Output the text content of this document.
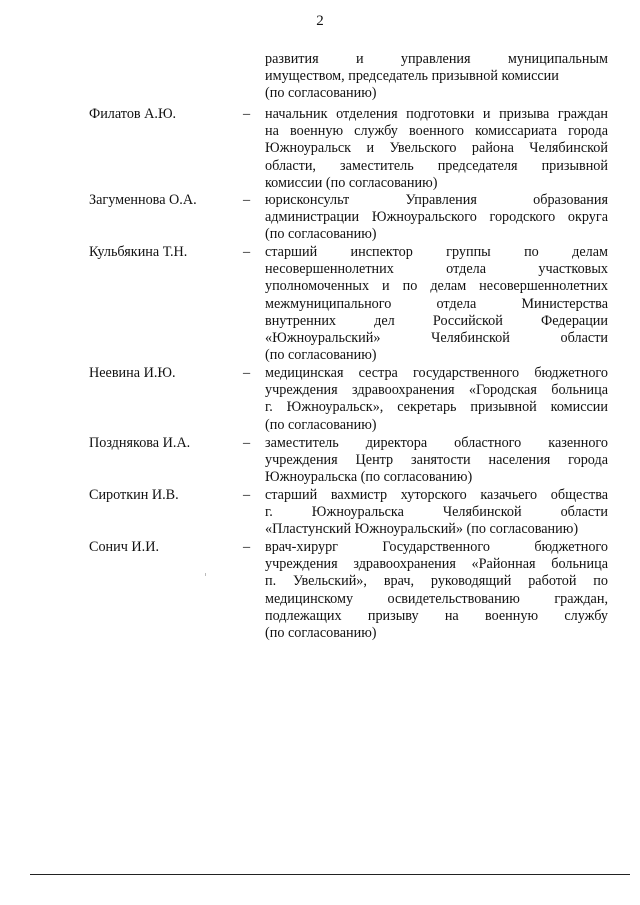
2
развития и управления муниципальным
имуществом, председатель призывной комиссии
(по согласованию)
Филатов А.Ю.	– начальник отделения подготовки и призыва граждан
на военную службу военного комиссариата города
Южноуральск и Увельского района Челябинской
области, заместитель председателя призывной
комиссии (по согласованию)
Загуменнова О.А.	– юрисконсульт Управления образования
администрации Южноуральского городского округа
(по согласованию)
Кульбякина Т.Н.	– старший инспектор группы по делам
несовершеннолетних отдела участковых
уполномоченных и по делам несовершеннолетних
межмуниципального отдела Министерства
внутренних дел Российской Федерации
«Южноуральский» Челябинской области
(по согласованию)
Неевина И.Ю.	– медицинская сестра государственного бюджетного
учреждения здравоохранения «Городская больница
г. Южноуральск», секретарь призывной комиссии
(по согласованию)
Позднякова И.А.	– заместитель директора областного казенного
учреждения Центр занятости населения города
Южноуральска (по согласованию)
Сироткин И.В.	– старший вахмистр хуторского казачьего общества
г. Южноуральска Челябинской области
«Пластунский Южноуральский» (по согласованию)
Сонич И.И.	– врач-хирург Государственного бюджетного
учреждения здравоохранения «Районная больница
п. Увельский», врач, руководящий работой по
медицинскому освидетельствованию граждан,
подлежащих призыву на военную службу
(по согласованию)
